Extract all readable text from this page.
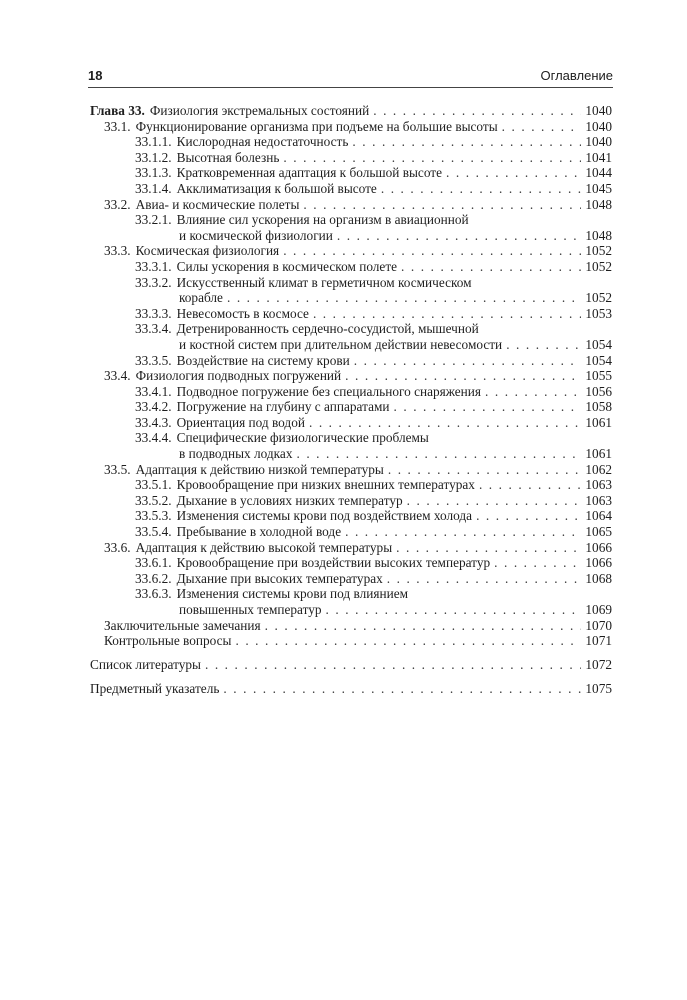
18	Оглавление
Глава 33. Физиология экстремальных состояний . . .	1040
33.1. Функционирование организма при подъеме на большие высоты . . .	1040
33.1.1. Кислородная недостаточность . . .	1040
33.1.2. Высотная болезнь . . .	1041
33.1.3. Кратковременная адаптация к большой высоте . . .	1044
33.1.4. Акклиматизация к большой высоте . . .	1045
33.2. Авиа- и космические полеты . . .	1048
33.2.1. Влияние сил ускорения на организм в авиационной
и космической физиологии . . .	1048
33.3. Космическая физиология . . .	1052
33.3.1. Силы ускорения в космическом полете . . .	1052
33.3.2. Искусственный климат в герметичном космическом
корабле . . .	1052
33.3.3. Невесомость в космосе . . .	1053
33.3.4. Детренированность сердечно-сосудистой, мышечной
и костной систем при длительном действии невесомости . . .	1054
33.3.5. Воздействие на систему крови . . .	1054
33.4. Физиология подводных погружений . . .	1055
33.4.1. Подводное погружение без специального снаряжения . . .	1056
33.4.2. Погружение на глубину с аппаратами . . .	1058
33.4.3. Ориентация под водой . . .	1061
33.4.4. Специфические физиологические проблемы
в подводных лодках . . .	1061
33.5. Адаптация к действию низкой температуры . . .	1062
33.5.1. Кровообращение при низких внешних температурах . . .	1063
33.5.2. Дыхание в условиях низких температур . . .	1063
33.5.3. Изменения системы крови под воздействием холода . . .	1064
33.5.4. Пребывание в холодной воде . . .	1065
33.6. Адаптация к действию высокой температуры . . .	1066
33.6.1. Кровообращение при воздействии высоких температур . . .	1066
33.6.2. Дыхание при высоких температурах . . .	1068
33.6.3. Изменения системы крови под влиянием
повышенных температур . . .	1069
Заключительные замечания . . .	1070
Контрольные вопросы . . .	1071
Список литературы . . .	1072
Предметный указатель . . .	1075
